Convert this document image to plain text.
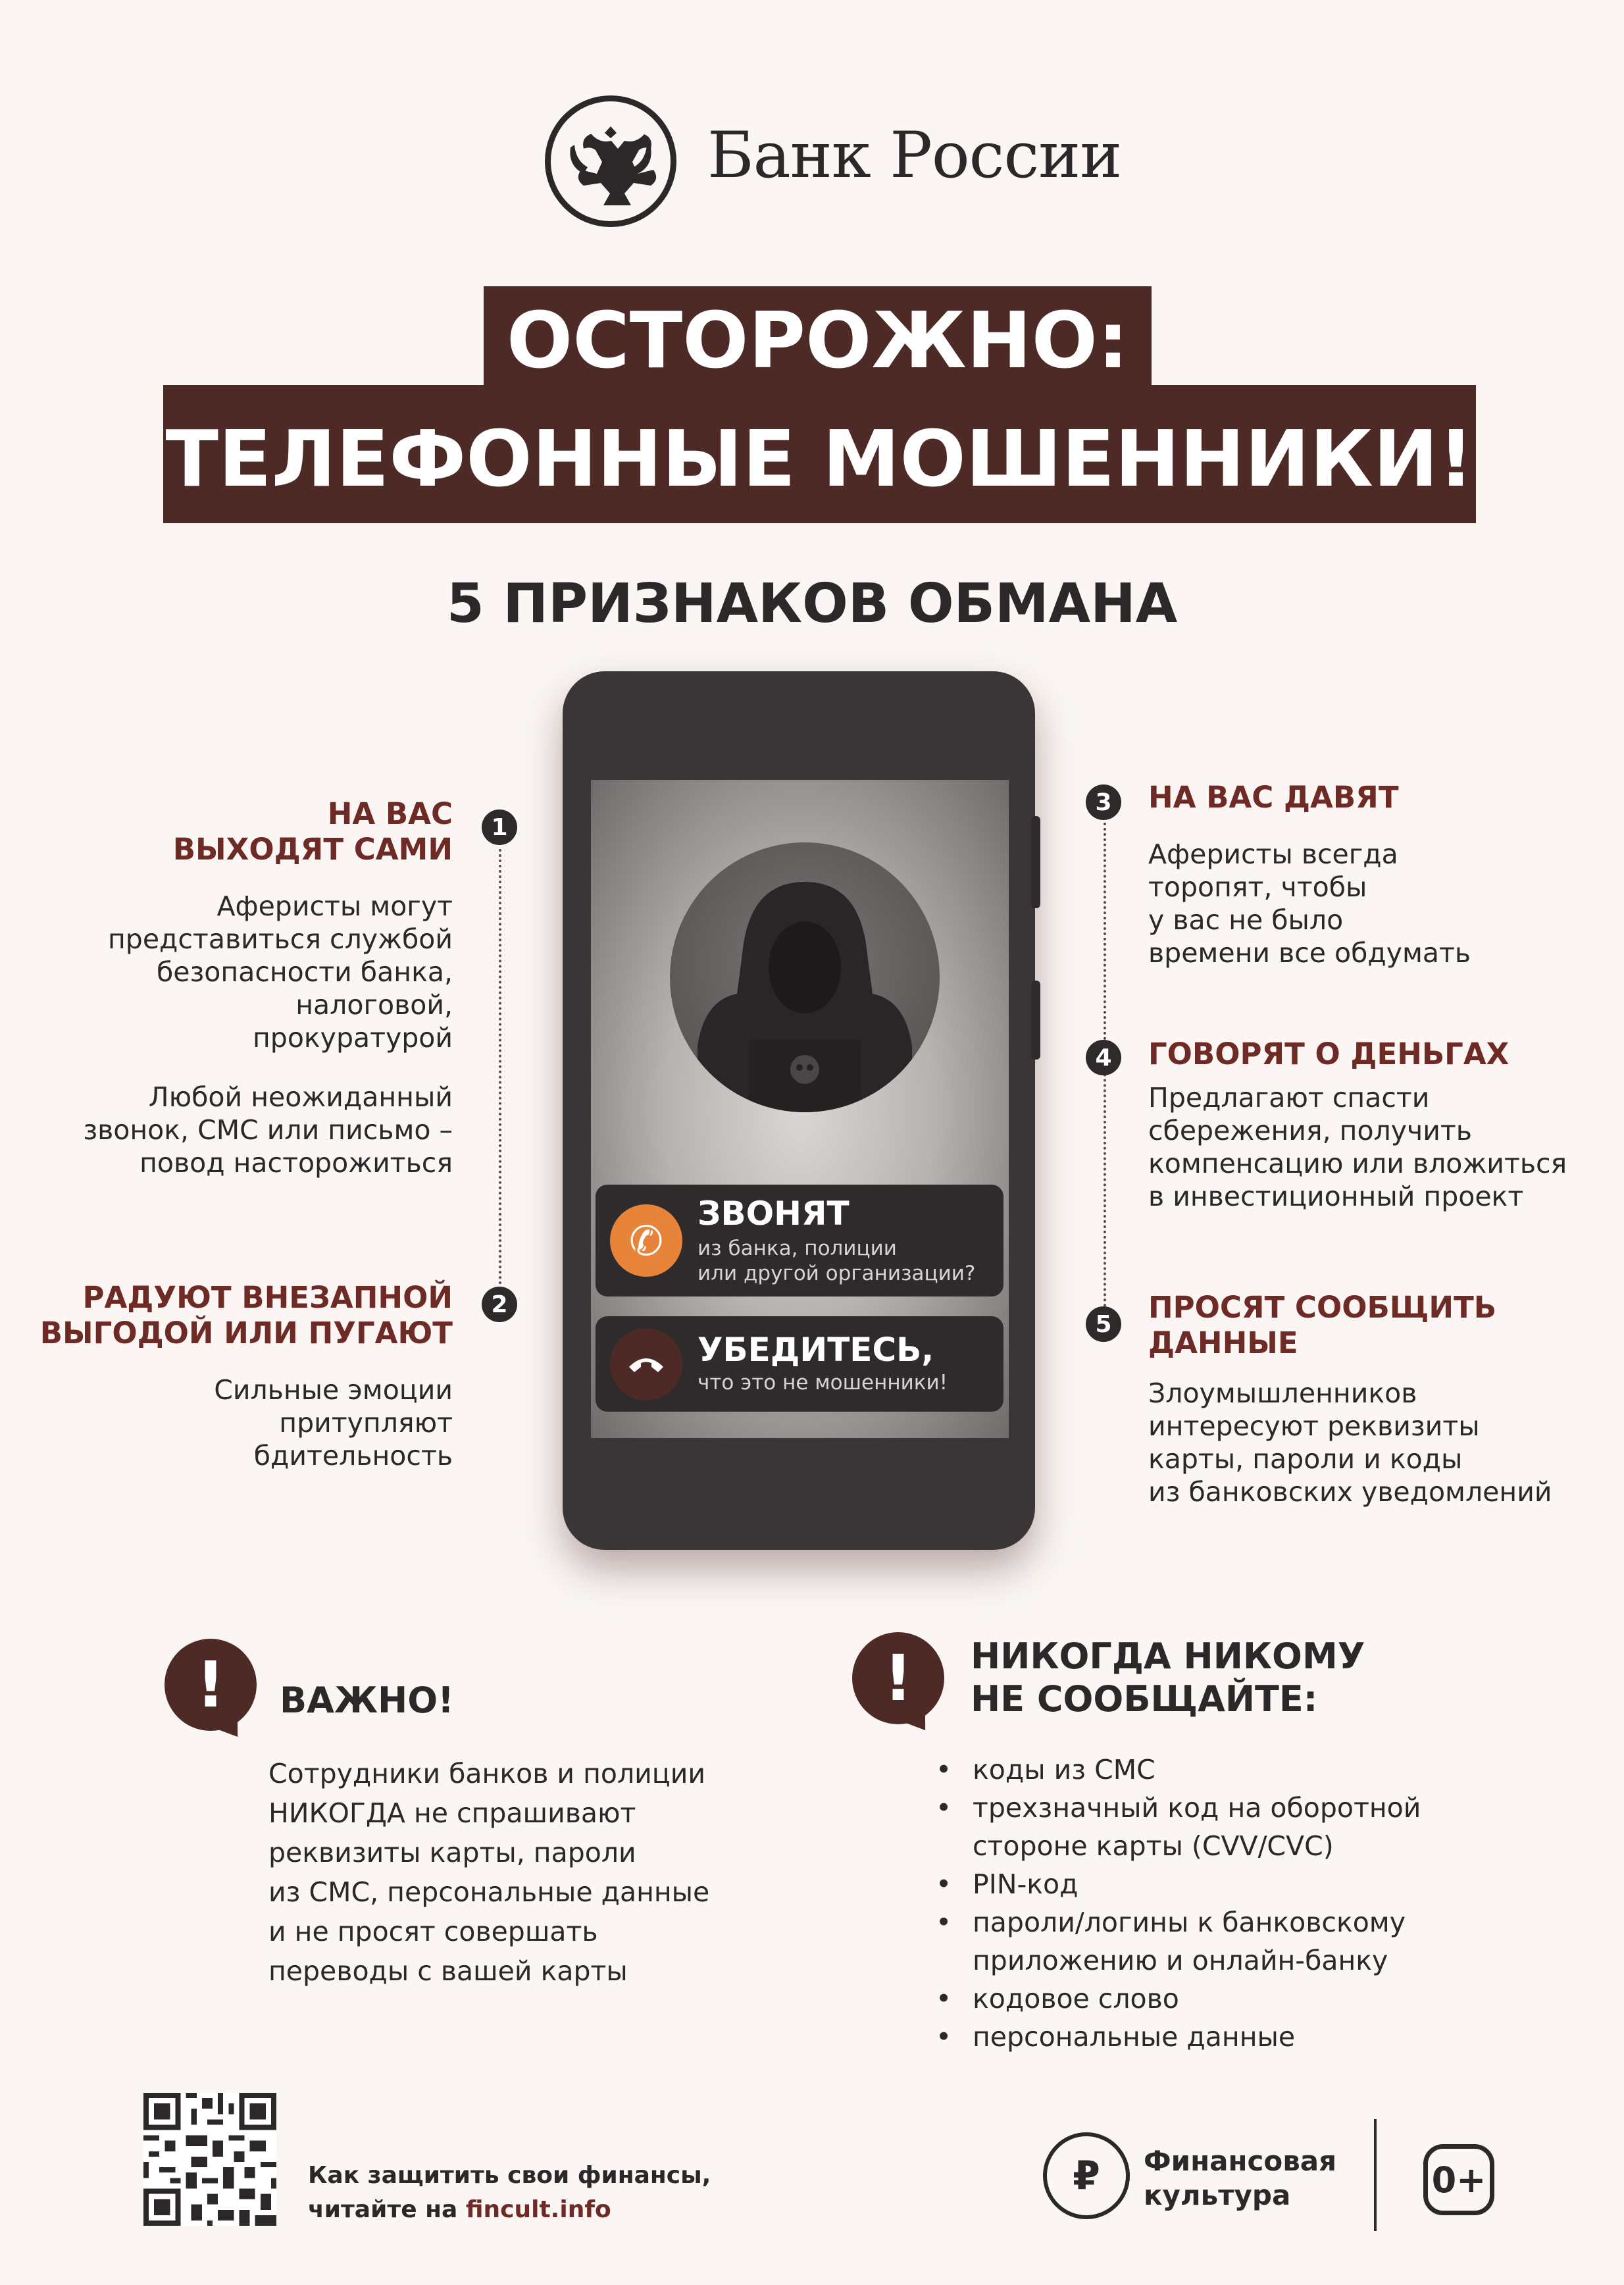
Банк России
ТЕЛЕФОННЫЕ МОШЕННИКИ!
ОСТОРОЖНО:
5 ПРИЗНАКОВ ОБМАНА
✆
ЗВОНЯТ
из банка, полиции
или другой организации?
УБЕДИТЕСЬ,
что это не мошенники!
1
2
НА ВАС
ВЫХОДЯТ САМИ
Аферисты могут
представиться службой
безопасности банка,
налоговой,
прокуратурой
Любой неожиданный
звонок, СМС или письмо –
повод насторожиться
РАДУЮТ ВНЕЗАПНОЙ
ВЫГОДОЙ ИЛИ ПУГАЮТ
Сильные эмоции
притупляют
бдительность
3
4
5
НА ВАС ДАВЯТ
Аферисты всегда
торопят, чтобы
у вас не было
времени все обдумать
ГОВОРЯТ О ДЕНЬГАХ
Предлагают спасти
сбережения, получить
компенсацию или вложиться
в инвестиционный проект
ПРОСЯТ СООБЩИТЬ
ДАННЫЕ
Злоумышленников
интересуют реквизиты
карты, пароли и коды
из банковских уведомлений
!	ВАЖНО!
Сотрудники банков и полиции
НИКОГДА не спрашивают
реквизиты карты, пароли
из СМС, персональные данные
и не просят совершать
переводы с вашей карты
!	НИКОГДА НИКОМУ
НЕ СООБЩАЙТЕ:
• коды из СМС
• трехзначный код на оборотной
стороне карты (CVV/CVC)
• PIN-код
• пароли/логины к банковскому
приложению и онлайн-банку
• кодовое слово
• персональные данные
Как защитить свои финансы,
читайте на fincult.info
₽ Финансовая
культура	0+
